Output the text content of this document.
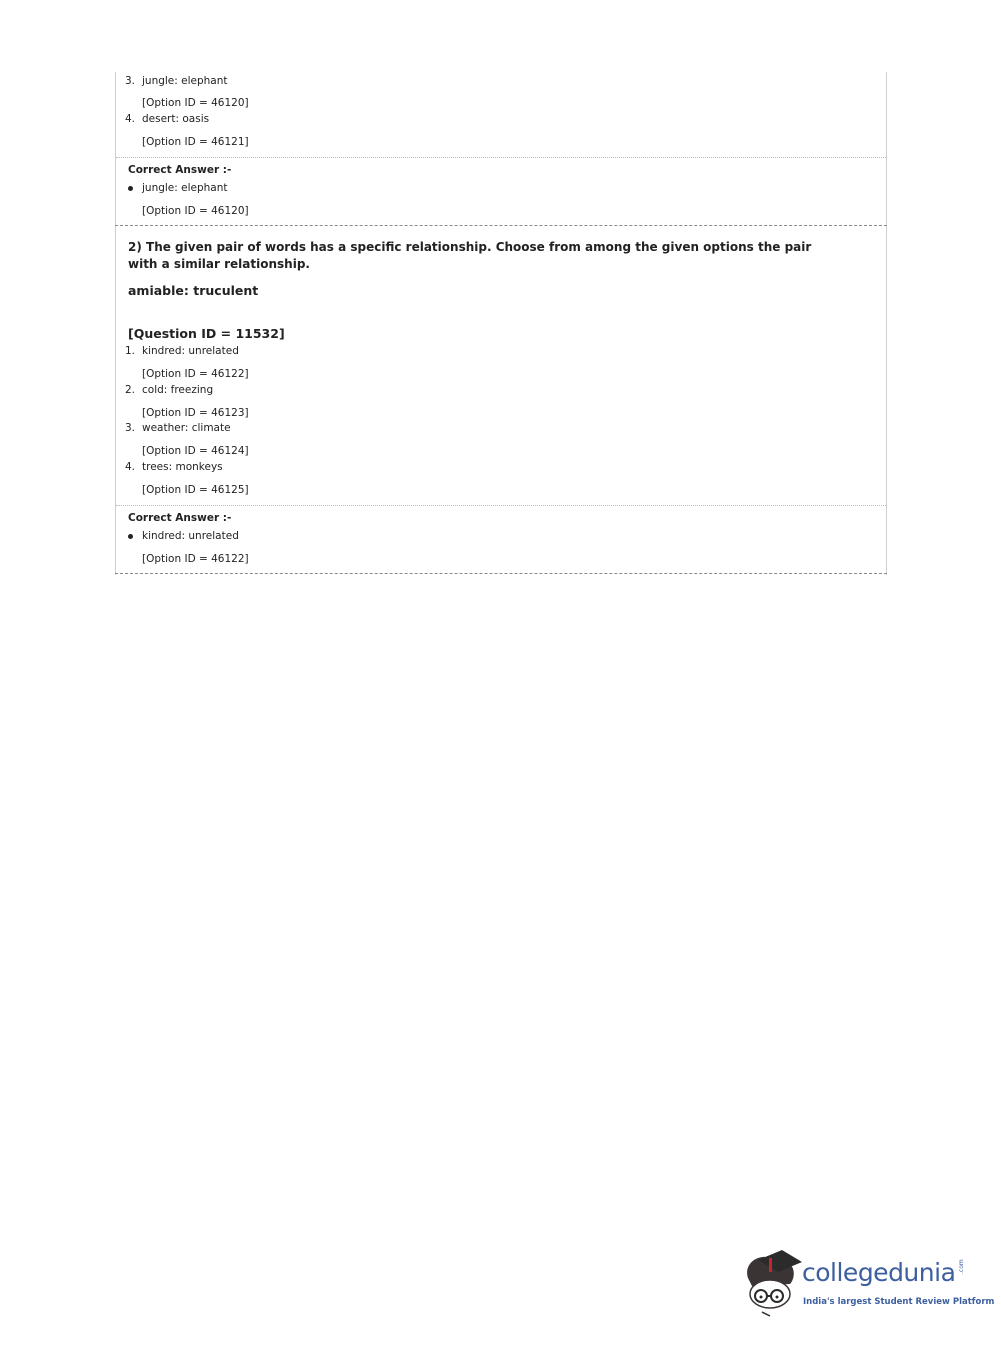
3. jungle: elephant
[Option ID = 46120]
4. desert: oasis
[Option ID = 46121]
Correct Answer :-
jungle: elephant
[Option ID = 46120]
2) The given pair of words has a specific relationship. Choose from among the given options the pair with a similar relationship.
amiable: truculent
[Question ID = 11532]
1. kindred: unrelated
[Option ID = 46122]
2. cold: freezing
[Option ID = 46123]
3. weather: climate
[Option ID = 46124]
4. trees: monkeys
[Option ID = 46125]
Correct Answer :-
kindred: unrelated
[Option ID = 46122]
collegedunia .com
India's largest Student Review Platform
